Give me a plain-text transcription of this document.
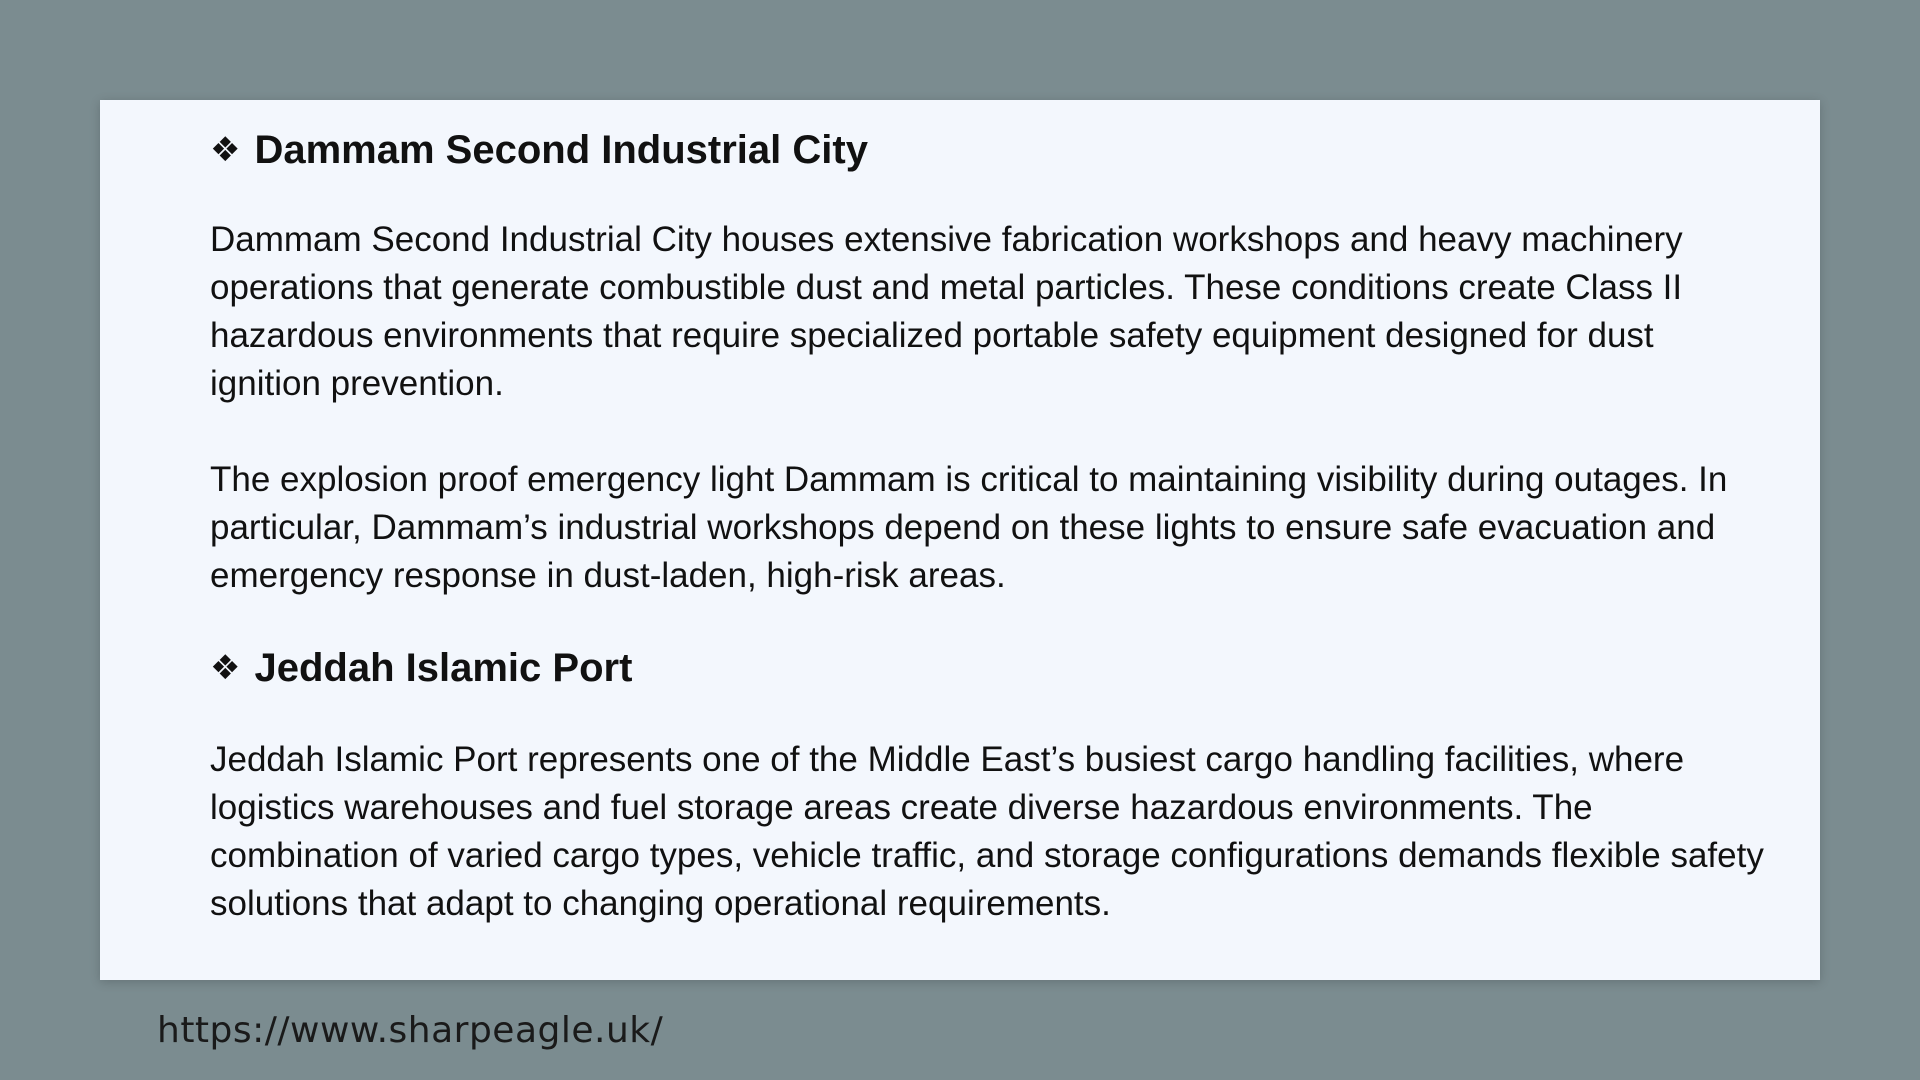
❖ Dammam Second Industrial City

Dammam Second Industrial City houses extensive fabrication workshops and heavy machinery operations that generate combustible dust and metal particles. These conditions create Class II hazardous environments that require specialized portable safety equipment designed for dust ignition prevention.

The explosion proof emergency light Dammam is critical to maintaining visibility during outages. In particular, Dammam’s industrial workshops depend on these lights to ensure safe evacuation and emergency response in dust-laden, high-risk areas.

❖ Jeddah Islamic Port

Jeddah Islamic Port represents one of the Middle East’s busiest cargo handling facilities, where logistics warehouses and fuel storage areas create diverse hazardous environments. The combination of varied cargo types, vehicle traffic, and storage configurations demands flexible safety solutions that adapt to changing operational requirements.

https://www.sharpeagle.uk/
